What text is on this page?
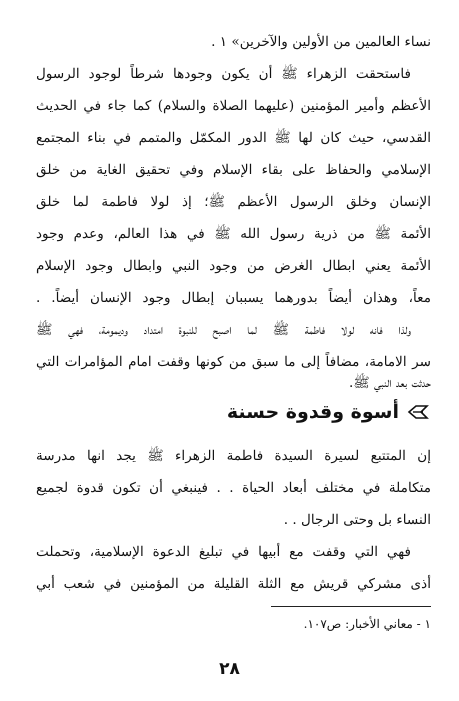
نساء العالمين من الأولين والآخرين» ١ .
فاستحقت الزهراء ﷺ أن يكون وجودها شرطاً لوجود الرسول
الأعظم وأمير المؤمنين (عليهما الصلاة والسلام) كما جاء في الحديث
القدسي، حيث كان لها ﷺ الدور المكمّل والمتمم في بناء المجتمع
الإسلامي والحفاظ على بقاء الإسلام وفي تحقيق الغاية من خلق
الإنسان وخلق الرسول الأعظم ﷺ؛ إذ لولا فاطمة لما خلق
الأئمة ﷺ من ذرية رسول الله ﷺ في هذا العالم، وعدم وجود
الأئمة يعني ابطال الغرض من وجود النبي وابطال وجود الإسلام
معاً، وهذان أيضاً بدورهما يسببان إبطال وجود الإنسان أيضاً. .
ولذا فانه لولا فاطمة ﷺ لما اصبح للنبوة امتداد وديمومة، فهي ﷺ
سر الامامة، مضافاً إلى ما سبق من كونها وقفت امام المؤامرات التي
حدثت بعد النبي ﷺ.
أسوة وقدوة حسنة
إن المتتبع لسيرة السيدة فاطمة الزهراء ﷺ يجد انها مدرسة
متكاملة في مختلف أبعاد الحياة . . فينبغي أن تكون قدوة لجميع
النساء بل وحتى الرجال . .
فهي التي وقفت مع أبيها في تبليغ الدعوة الإسلامية، وتحملت
أذى مشركي قريش مع الثلة القليلة من المؤمنين في شعب أبي
١ - معاني الأخبار: ص١٠٧.
٢٨
